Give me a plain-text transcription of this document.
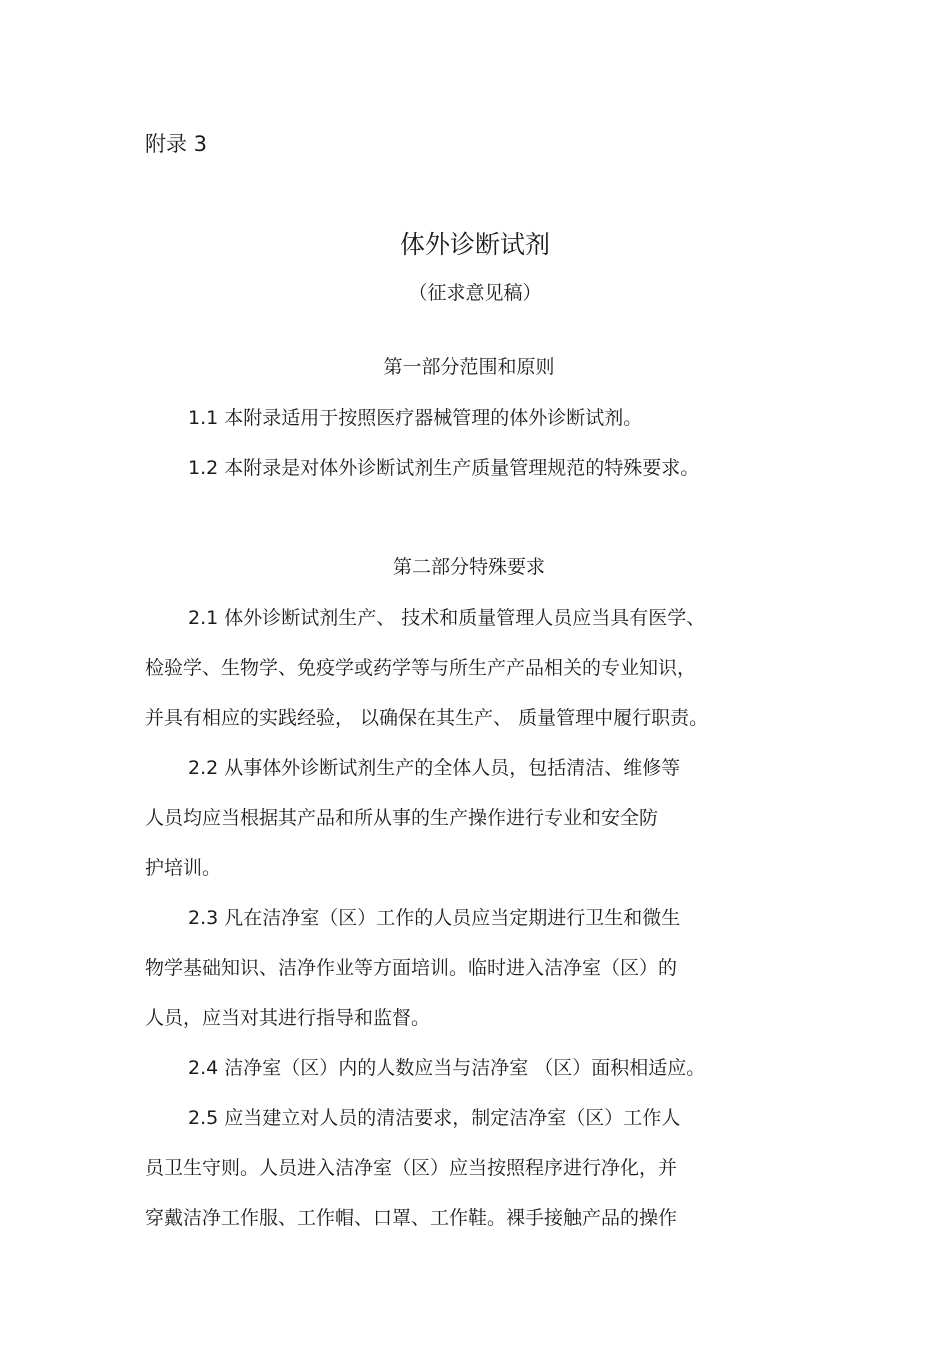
附录 3

体外诊断试剂

（征求意见稿）

第一部分范围和原则

1.1 本附录适用于按照医疗器械管理的体外诊断试剂。

1.2 本附录是对体外诊断试剂生产质量管理规范的特殊要求。

第二部分特殊要求

2.1 体外诊断试剂生产、 技术和质量管理人员应当具有医学、

检验学、生物学、免疫学或药学等与所生产产品相关的专业知识，

并具有相应的实践经验， 以确保在其生产、 质量管理中履行职责。

2.2 从事体外诊断试剂生产的全体人员，包括清洁、维修等

人员均应当根据其产品和所从事的生产操作进行专业和安全防

护培训。

2.3 凡在洁净室（区）工作的人员应当定期进行卫生和微生

物学基础知识、洁净作业等方面培训。临时进入洁净室（区）的

人员，应当对其进行指导和监督。

2.4 洁净室（区）内的人数应当与洁净室 （区）面积相适应。

2.5 应当建立对人员的清洁要求，制定洁净室（区）工作人

员卫生守则。人员进入洁净室（区）应当按照程序进行净化，并

穿戴洁净工作服、工作帽、口罩、工作鞋。裸手接触产品的操作
